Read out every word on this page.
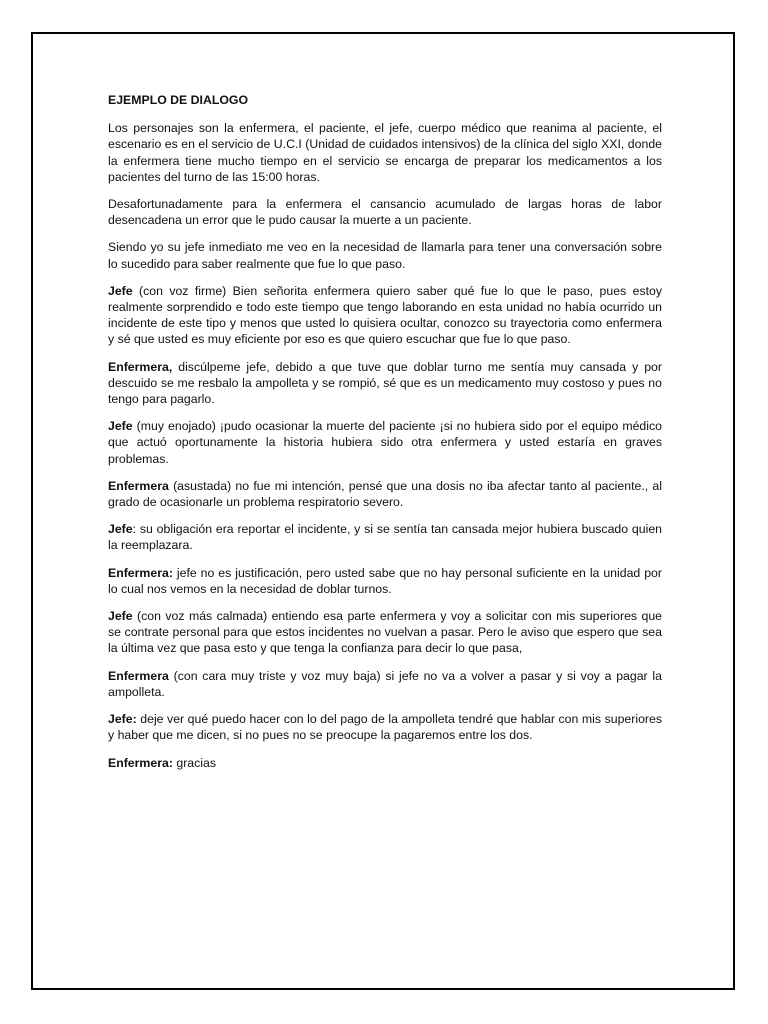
EJEMPLO DE DIALOGO

Los personajes son la enfermera, el paciente, el jefe, cuerpo médico que reanima al paciente, el escenario es en el servicio de U.C.I (Unidad de cuidados intensivos) de la clínica del siglo XXI, donde la enfermera tiene mucho tiempo en el servicio se encarga de preparar los medicamentos a los pacientes del turno de las 15:00 horas.

Desafortunadamente para la enfermera el cansancio acumulado de largas horas de labor desencadena un error que le pudo causar la muerte a un paciente.

Siendo yo su jefe inmediato me veo en la necesidad de llamarla para tener una conversación sobre lo sucedido para saber realmente que fue lo que paso.

Jefe (con voz firme) Bien señorita enfermera quiero saber qué fue lo que le paso, pues estoy realmente sorprendido e todo este tiempo que tengo laborando en esta unidad no había ocurrido un incidente de este tipo y menos que usted lo quisiera ocultar, conozco su trayectoria como enfermera y sé que usted es muy eficiente por eso es que quiero escuchar que fue lo que paso.

Enfermera, discúlpeme jefe, debido a que tuve que doblar turno me sentía muy cansada y por descuido se me resbalo la ampolleta y se rompió, sé que es un medicamento muy costoso y pues no tengo para pagarlo.

Jefe (muy enojado) ¡pudo ocasionar la muerte del paciente ¡si no hubiera sido por el equipo médico que actuó oportunamente la historia hubiera sido otra enfermera y usted estaría en graves problemas.

Enfermera (asustada) no fue mi intención, pensé que una dosis no iba afectar tanto al paciente., al grado de ocasionarle un problema respiratorio severo.

Jefe: su obligación era reportar el incidente, y si se sentía tan cansada mejor hubiera buscado quien la reemplazara.

Enfermera: jefe no es justificación, pero usted sabe que no hay personal suficiente en la unidad por lo cual nos vemos en la necesidad de doblar turnos.

Jefe (con voz más calmada) entiendo esa parte enfermera y voy a solicitar con mis superiores que se contrate personal para que estos incidentes no vuelvan a pasar. Pero le aviso que espero que sea la última vez que pasa esto y que tenga la confianza para decir lo que pasa,

Enfermera (con cara muy triste y voz muy baja) si jefe no va a volver a pasar y si voy a pagar la ampolleta.

Jefe: deje ver qué puedo hacer con lo del pago de la ampolleta tendré que hablar con mis superiores y haber que me dicen, si no pues no se preocupe la pagaremos entre los dos.

Enfermera: gracias
